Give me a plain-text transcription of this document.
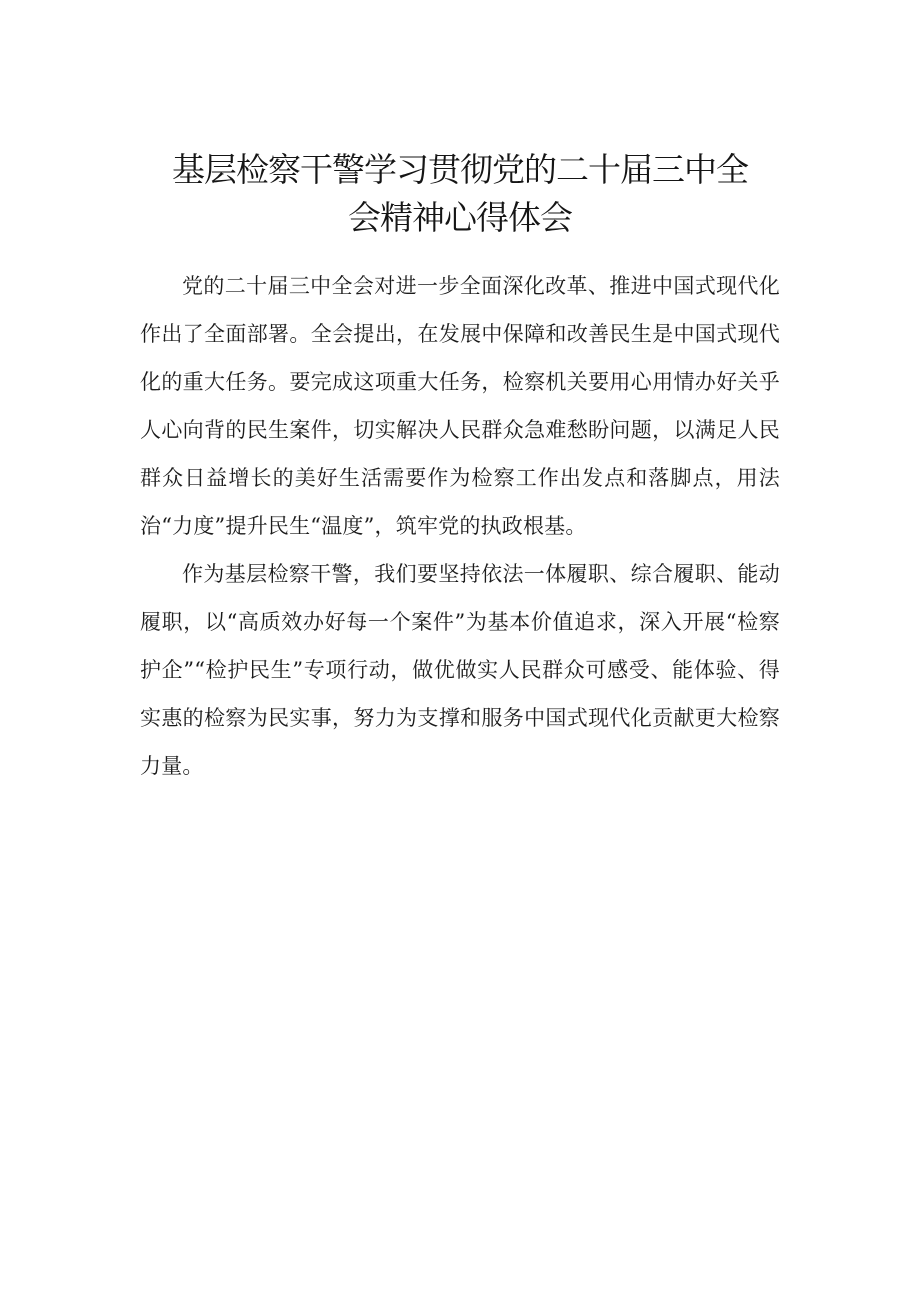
基层检察干警学习贯彻党的二十届三中全
会精神心得体会

党的二十届三中全会对进一步全面深化改革、推进中国式现代化作出了全面部署。全会提出，在发展中保障和改善民生是中国式现代化的重大任务。要完成这项重大任务，检察机关要用心用情办好关乎人心向背的民生案件，切实解决人民群众急难愁盼问题，以满足人民群众日益增长的美好生活需要作为检察工作出发点和落脚点，用法治“力度”提升民生“温度”，筑牢党的执政根基。

作为基层检察干警，我们要坚持依法一体履职、综合履职、能动履职，以“高质效办好每一个案件”为基本价值追求，深入开展“检察护企”“检护民生”专项行动，做优做实人民群众可感受、能体验、得实惠的检察为民实事，努力为支撑和服务中国式现代化贡献更大检察力量。
